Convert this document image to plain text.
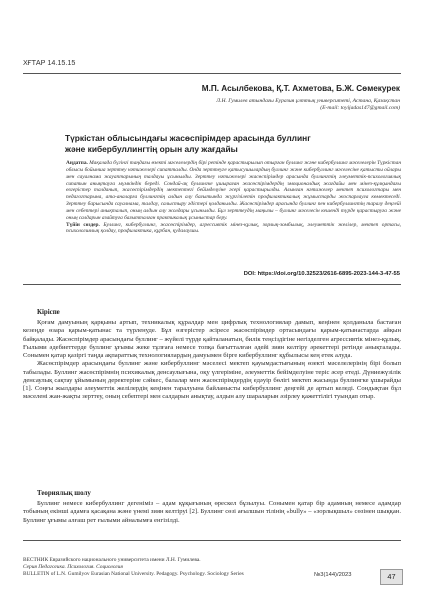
ХҒТАР 14.15.15
М.П. Асылбекова, Қ.Т. Ахметова, Б.Ж. Сөмекурек
Л.Н. Гумилев атындағы Еуразия ұлттық университеті, Астана, Қазақстан
(E-mail: toyijadas147@gmail.com)
Түркістан облысындағы жасөспірімдер арасында буллинг
және кибербуллингтің орын алу жағдайы
Аңдатпа. Мақалада бүгінгі таңдағы өзекті мәселелердің бірі ретінде қарастырылып отырған буллинг және кибербуллинг мәселелерін Түркістан облысы бойынша зерттеу нәтижелері сипатталды. Онда зерттеуге қатысушылардың буллинг және кибербуллинг мәселесіне қатысты ойлары мен сауалнама жауаптарының талдауы ұсынылды. Зерттеу нәтижелері жасөспірімдер арасында буллингтің әлеуметтік-психологиялық сипатын анықтауға мүмкіндік береді. Сондай-ақ буллингке ұшыраған жасөспірімдердің эмоционалдық жағдайы мен мінез-құлқындағы өзгерістер талданып, жасөспірімдердің мектептегі бейімделуіне әсері қарастырылды. Алынған нәтижелер мектеп психологтары мен педагогтарына, ата-аналарға буллингтің алдын алу бағытында жүргізілетін профилактикалық жұмыстарды жоспарлауға көмектеседі. Зерттеу барысында сауалнама, талдау, салыстыру әдістері қолданылды. Жасөспірімдер арасында буллинг пен кибербуллингтің таралу деңгейі мен себептері анықталып, оның алдын алу жолдары ұсынылды. Бұл зерттеудің маңызы – буллинг мәселесін кешенді түрде қарастыруға және оның салдарын азайтуға бағытталған практикалық ұсыныстар беру.
Түйін сөздер. Буллинг, кибербуллинг, жасөспірімдер, агрессивтік мінез-құлық, зорлық-зомбылық, әлеуметтік желілер, мектеп ортасы, психологиялық қолдау, профилактика, құрбан, қудалаушы.
DOI: https://doi.org/10.32523/2616-6895-2023-144-3-47-55
Кіріспе

Қоғам дамуының қарқыны артып, техникалық құралдар мен цифрлық технологиялар дамып, кеңінен қолданыла бастаған кезеңде өзара қарым-қатынас та түрленуде. Бұл өзгерістер әсіресе жасөспірімдер ортасындағы қарым-қатынастарда айқын байқалады. Жасөспірімдер арасындағы буллинг – жүйелі түрде қайталанатын, билік теңсіздігіне негізделген агрессивтік мінез-құлық. Ғылыми әдебиеттерде буллинг ұғымы жеке тұлғаға немесе топқа бағытталған әдейі зиян келтіру әрекеттері ретінде анықталады. Сонымен қатар қазіргі таңда ақпараттық технологиялардың дамуымен бірге кибербуллинг құбылысы кең етек алуда.

Жасөспірімдер арасындағы буллинг және кибербуллинг мәселесі мектеп қауымдастығының өзекті мәселелерінің бірі болып табылады. Буллинг жасөспірімнің психикалық денсаулығына, оқу үлгеріміне, әлеуметтік бейімделуіне теріс әсер етеді. Дүниежүзілік денсаулық сақтау ұйымының деректеріне сәйкес, балалар мен жасөспірімдердің едәуір бөлігі мектеп жасында буллингке ұшырайды [1]. Соңғы жылдары әлеуметтік желілердің кеңінен таралуына байланысты кибербуллинг деңгейі де артып келеді. Сондықтан бұл мәселені жан-жақты зерттеу, оның себептері мен салдарын анықтау, алдын алу шараларын әзірлеу қажеттілігі туындап отыр.

Теориялық шолу

Буллинг немесе кибербуллинг дегеніміз – адам құқығының өрескел бұзылуы. Сонымен қатар бір адамның немесе адамдар тобының екінші адамға қасақана және үнемі зиян келтіруі [2]. Буллинг сөзі ағылшын тілінің «bully» – «зорлықшыл» сөзінен шыққан. Буллинг ұғымы алғаш рет ғылыми айналымға енгізілді.

ВЕСТНИК Евразийского национального университета имени Л.Н. Гумилева.
Серия Педагогика. Психология. Социология
BULLETIN of L.N. Gumilyov Eurasian National University. Pedagogy. Psychology. Sociology Series	№3(144)/2023	47
